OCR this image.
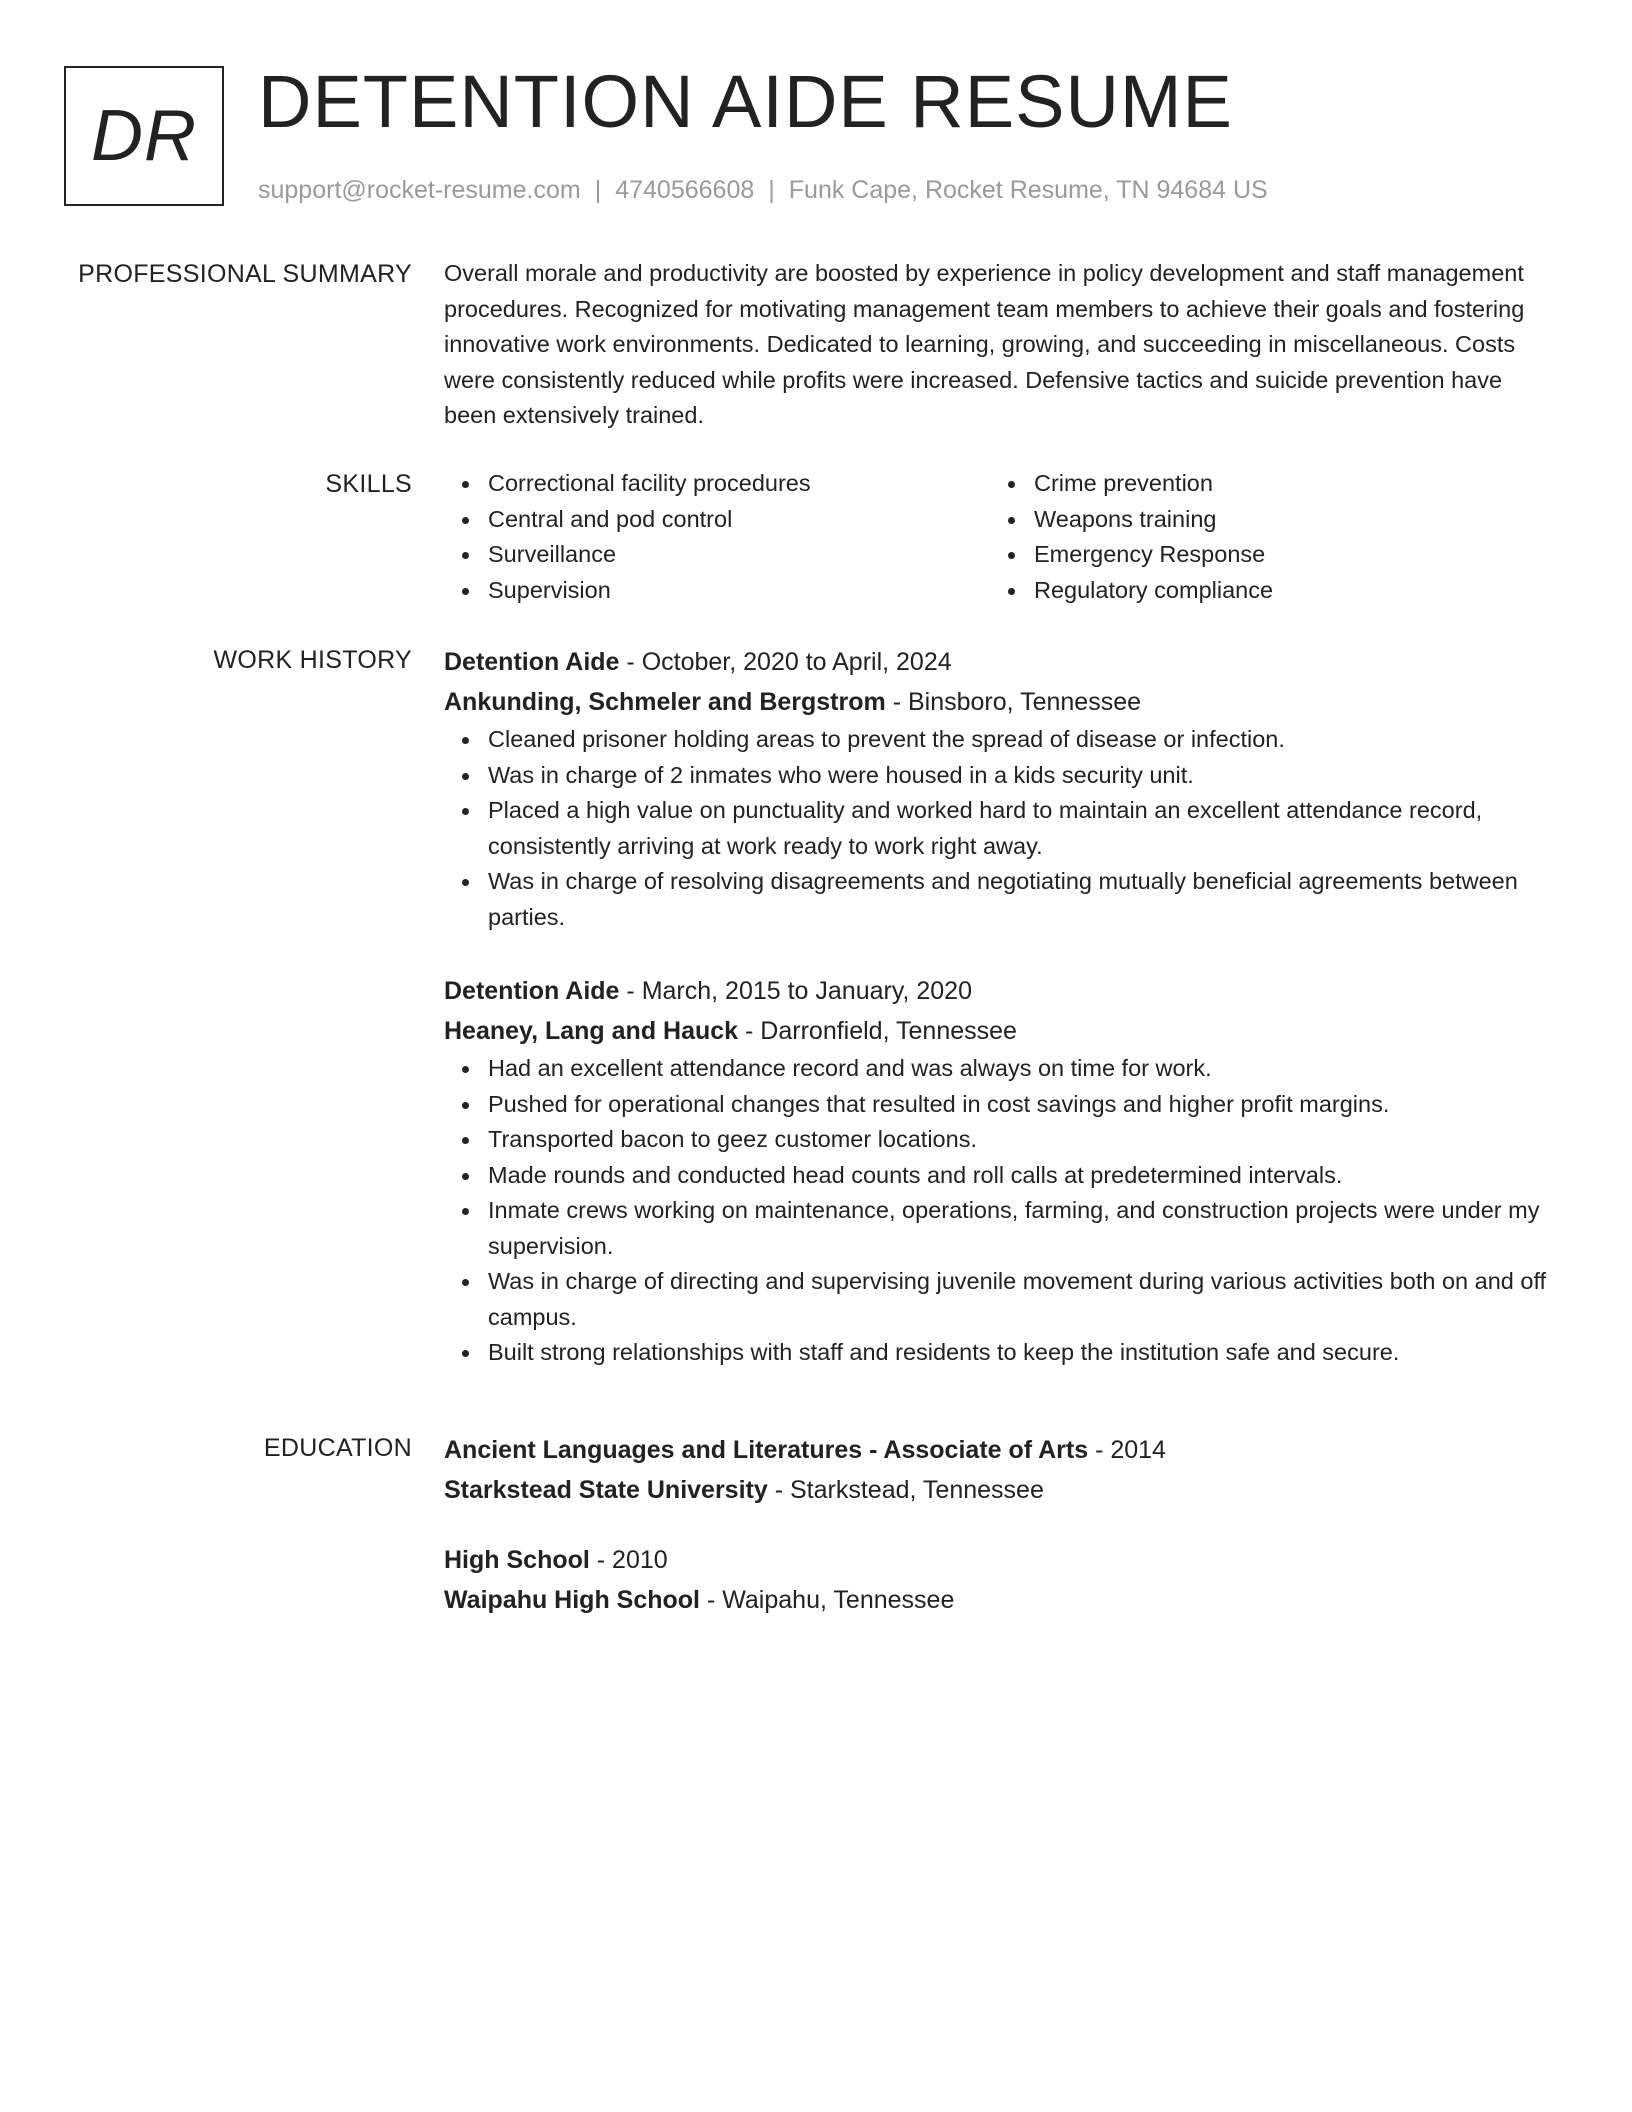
DR DETENTION AIDE RESUME
support@rocket-resume.com | 4740566608 | Funk Cape, Rocket Resume, TN 94684 US
PROFESSIONAL SUMMARY Overall morale and productivity are boosted by experience in policy development and staff management procedures. Recognized for motivating management team members to achieve their goals and fostering innovative work environments. Dedicated to learning, growing, and succeeding in miscellaneous. Costs were consistently reduced while profits were increased. Defensive tactics and suicide prevention have been extensively trained.

SKILLS	Correctional facility procedures
Central and pod control
Surveillance
Supervision
Crime prevention
Weapons training
Emergency Response
Regulatory compliance
WORK HISTORY Detention Aide - October, 2020 to April, 2024

Ankunding, Schmeler and Bergstrom - Binsboro, Tennessee

Cleaned prisoner holding areas to prevent the spread of disease or infection.
Was in charge of 2 inmates who were housed in a kids security unit.
Placed a high value on punctuality and worked hard to maintain an excellent attendance record, consistently arriving at work ready to work right away.
Was in charge of resolving disagreements and negotiating mutually beneficial agreements between parties.

Detention Aide - March, 2015 to January, 2020

Heaney, Lang and Hauck - Darronfield, Tennessee

Had an excellent attendance record and was always on time for work.
Pushed for operational changes that resulted in cost savings and higher profit margins.
Transported bacon to geez customer locations.
Made rounds and conducted head counts and roll calls at predetermined intervals.
Inmate crews working on maintenance, operations, farming, and construction projects were under my supervision.
Was in charge of directing and supervising juvenile movement during various activities both on and off campus.
Built strong relationships with staff and residents to keep the institution safe and secure.
EDUCATION Ancient Languages and Literatures - Associate of Arts - 2014

Starkstead State University - Starkstead, Tennessee

High School - 2010

Waipahu High School - Waipahu, Tennessee
